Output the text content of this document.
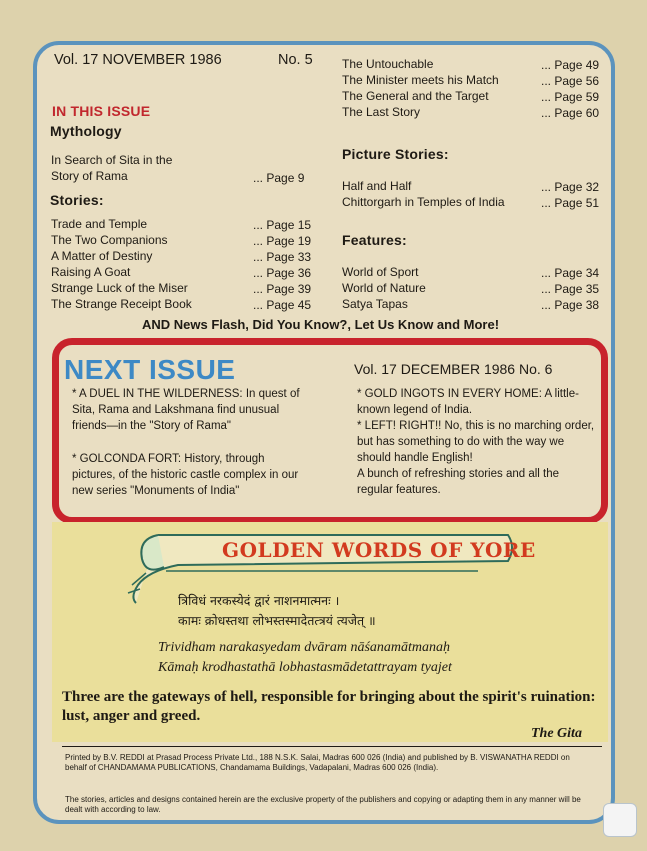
Vol. 17 NOVEMBER 1986	No. 5
IN THIS ISSUE
Mythology
In Search of Sita in the
Story of Rama	... Page 9
Stories:
Trade and Temple	... Page 15
The Two Companions	... Page 19
A Matter of Destiny	... Page 33
Raising A Goat	... Page 36
Strange Luck of the Miser	... Page 39
The Strange Receipt Book	... Page 45
The Untouchable	... Page 49
The Minister meets his Match	... Page 56
The General and the Target	... Page 59
The Last Story	... Page 60
Picture Stories:
Half and Half	... Page 32
Chittorgarh in Temples of India	... Page 51
Features:
World of Sport	... Page 34
World of Nature	... Page 35
Satya Tapas	... Page 38
AND News Flash, Did You Know?, Let Us Know and More!
NEXT ISSUE	Vol. 17 DECEMBER 1986 No. 6
* A DUEL IN THE WILDERNESS: In quest of Sita, Rama and Lakshmana find unusual friends—in the "Story of Rama"
* GOLCONDA FORT: History, through pictures, of the historic castle complex in our new series "Monuments of India"
* GOLD INGOTS IN EVERY HOME: A little-known legend of India.
* LEFT! RIGHT!! No, this is no marching order, but has something to do with the way we should handle English!
A bunch of refreshing stories and all the regular features.
GOLDEN WORDS OF YORE
त्रिविधं नरकस्येदं द्वारं नाशनमात्मनः ।
कामः क्रोधस्तथा लोभस्तस्मादेतत्त्रयं त्यजेत् ॥
Trividham narakasyedam dvāram nāśanamātmanaḥ
Kāmaḥ krodhastathā lobhastasmādetattrayam tyajet
Three are the gateways of hell, responsible for bringing about the spirit's ruination: lust, anger and greed.
The Gita
Printed by B.V. REDDI at Prasad Process Private Ltd., 188 N.S.K. Salai, Madras 600 026 (India) and published by B. VISWANATHA REDDI on behalf of CHANDAMAMA PUBLICATIONS, Chandamama Buildings, Vadapalani, Madras 600 026 (India).
The stories, articles and designs contained herein are the exclusive property of the publishers and copying or adapting them in any manner will be dealt with according to law.
